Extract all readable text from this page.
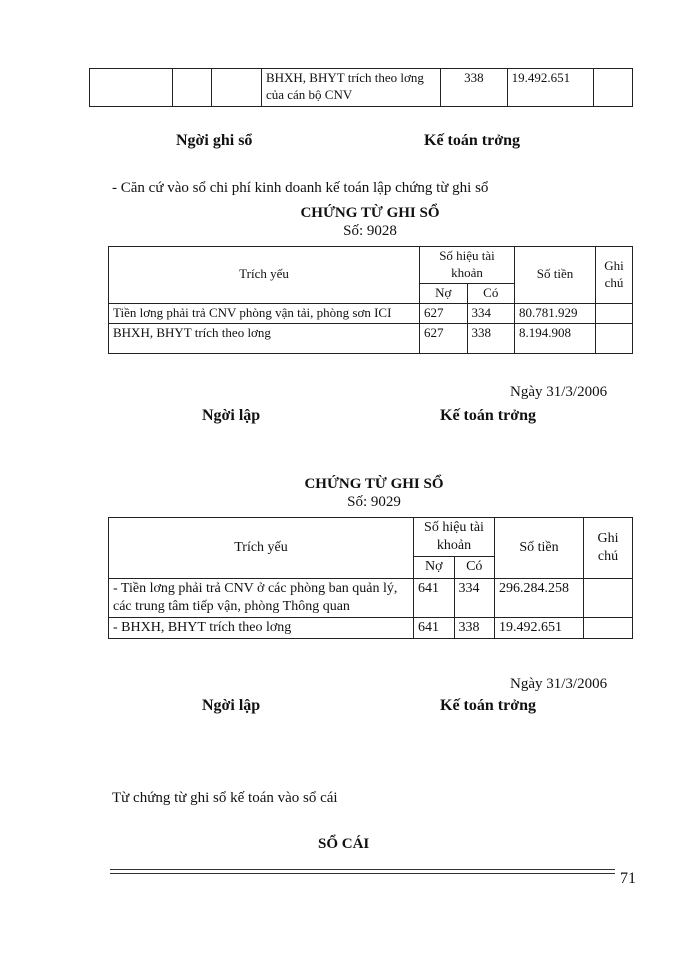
			BHXH, BHYT trích theo lơng của cán bộ CNV	338	19.492.651	
Ngời ghi sổ	Kế toán trởng
- Căn cứ vào sổ chi phí kinh doanh kế toán lập chứng từ ghi sổ
CHỨNG TỪ GHI SỔ
Số: 9028
Trích yếu	Số hiệu tài khoản		Số tiền	Ghi chú
	Nợ	Có		
Tiền lơng phải trả CNV phòng vận tải, phòng sơn ICI	627	334	80.781.929	
BHXH, BHYT trích theo lơng	627	338	8.194.908	
Ngày 31/3/2006
Ngời lập	Kế toán trởng
CHỨNG TỪ GHI SỔ
Số: 9029
Trích yếu	Số hiệu tài khoản		Số tiền	Ghi chú
	Nợ	Có		
- Tiền lơng phải trả CNV ở các phòng ban quản lý, các trung tâm tiếp vận, phòng Thông quan	641	334	296.284.258	
- BHXH, BHYT trích theo lơng	641	338	19.492.651	
Ngày 31/3/2006
Ngời lập	Kế toán trởng
Từ chứng từ ghi sổ kế toán vào sổ cái
SỔ CÁI
71
